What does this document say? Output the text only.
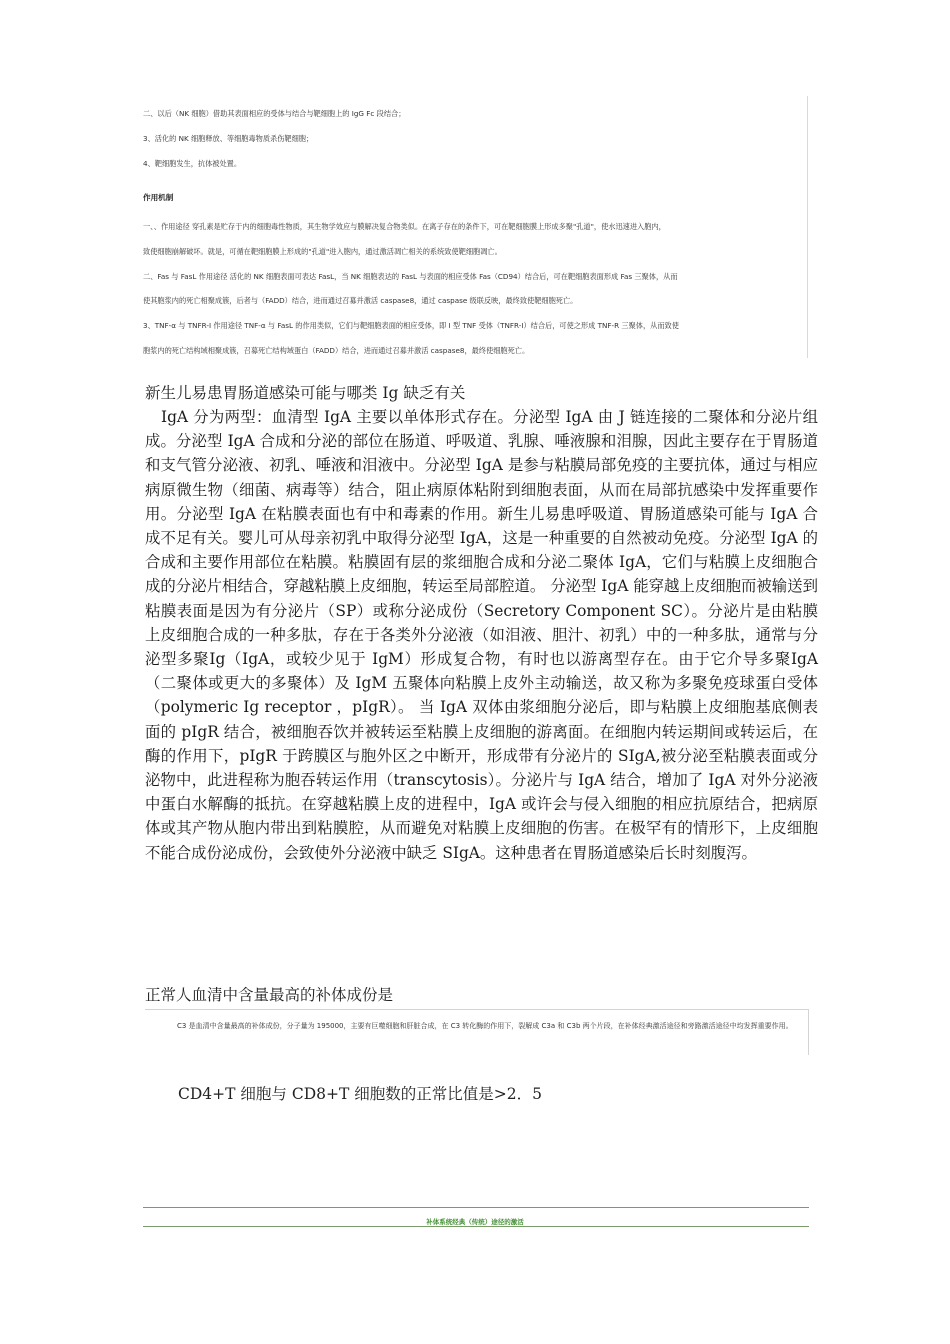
二、以后（NK 细胞）借助其表面相应的受体与结合与靶细胞上的 IgG Fc 段结合；

3、活化的 NK 细胞释放、等细胞毒物质杀伤靶细胞；

4、靶细胞发生，抗体被处置。

作用机制

一、、作用途径 穿孔素是贮存于内的细胞毒性物质，其生物学效应与膜解决复合物类似。在离子存在的条件下，可在靶细胞膜上形成多聚"孔道"，使水迅速进入胞内，

致使细胞崩解破坏。就是，可循在靶细胞膜上形成的"孔道"进入胞内，通过激活凋亡相关的系统致使靶细胞凋亡。

二、Fas 与 FasL 作用途径 活化的 NK 细胞表面可表达 FasL，当 NK 细胞表达的 FasL 与表面的相应受体 Fas（CD94）结合后，可在靶细胞表面形成 Fas 三聚体，从而

使其胞浆内的死亡相聚成簇，后者与（FADD）结合，进而通过召募并激活 caspase8，通过 caspase 级联反映，最终致使靶细胞死亡。

3、TNF-α 与 TNFR-I 作用途径 TNF-α 与 FasL 的作用类似，它们与靶细胞表面的相应受体，即 I 型 TNF 受体（TNFR-I）结合后，可使之形成 TNF-R 三聚体，从而致使

胞浆内的死亡结构域相聚成簇，召募死亡结构域蛋白（FADD）结合，进而通过召募并激活 caspase8，最终使细胞死亡。

新生儿易患胃肠道感染可能与哪类 Ig 缺乏有关

IgA 分为两型：血清型 IgA 主要以单体形式存在。分泌型 IgA 由 J 链连接的二聚体和分泌片组成。分泌型 IgA 合成和分泌的部位在肠道、呼吸道、乳腺、唾液腺和泪腺，因此主要存在于胃肠道和支气管分泌液、初乳、唾液和泪液中。分泌型 IgA 是参与粘膜局部免疫的主要抗体，通过与相应病原微生物（细菌、病毒等）结合，阻止病原体粘附到细胞表面，从而在局部抗感染中发挥重要作用。分泌型 IgA 在粘膜表面也有中和毒素的作用。新生儿易患呼吸道、胃肠道感染可能与 IgA 合成不足有关。婴儿可从母亲初乳中取得分泌型 IgA，这是一种重要的自然被动免疫。分泌型 IgA 的合成和主要作用部位在粘膜。粘膜固有层的浆细胞合成和分泌二聚体 IgA，它们与粘膜上皮细胞合成的分泌片相结合，穿越粘膜上皮细胞，转运至局部腔道。 分泌型 IgA 能穿越上皮细胞而被输送到粘膜表面是因为有分泌片（SP）或称分泌成份（Secretory Component SC）。分泌片是由粘膜上皮细胞合成的一种多肽，存在于各类外分泌液（如泪液、胆汁、初乳）中的一种多肽，通常与分泌型多聚Ig（IgA，或较少见于 IgM）形成复合物，有时也以游离型存在。由于它介导多聚IgA（二聚体或更大的多聚体）及 IgM 五聚体向粘膜上皮外主动输送，故又称为多聚免疫球蛋白受体（polymeric Ig receptor ，pIgR）。 当 IgA 双体由浆细胞分泌后，即与粘膜上皮细胞基底侧表面的 pIgR 结合，被细胞吞饮并被转运至粘膜上皮细胞的游离面。在细胞内转运期间或转运后，在酶的作用下，pIgR 于跨膜区与胞外区之中断开，形成带有分泌片的 SIgA,被分泌至粘膜表面或分泌物中，此进程称为胞吞转运作用（transcytosis）。分泌片与 IgA 结合，增加了 IgA 对外分泌液中蛋白水解酶的抵抗。在穿越粘膜上皮的进程中，IgA 或许会与侵入细胞的相应抗原结合，把病原体或其产物从胞内带出到粘膜腔，从而避免对粘膜上皮细胞的伤害。在极罕有的情形下，上皮细胞不能合成份泌成份，会致使外分泌液中缺乏 SIgA。这种患者在胃肠道感染后长时刻腹泻。

正常人血清中含量最高的补体成份是

C3 是血清中含量最高的补体成份，分子量为 195000，主要有巨噬细胞和肝脏合成，在 C3 转化酶的作用下，裂解成 C3a 和 C3b 两个片段，在补体经典激活途径和旁路激活途径中均发挥重要作用。

CD4+T 细胞与 CD8+T 细胞数的正常比值是>2．5

补体系统经典（传统）途径的激活
